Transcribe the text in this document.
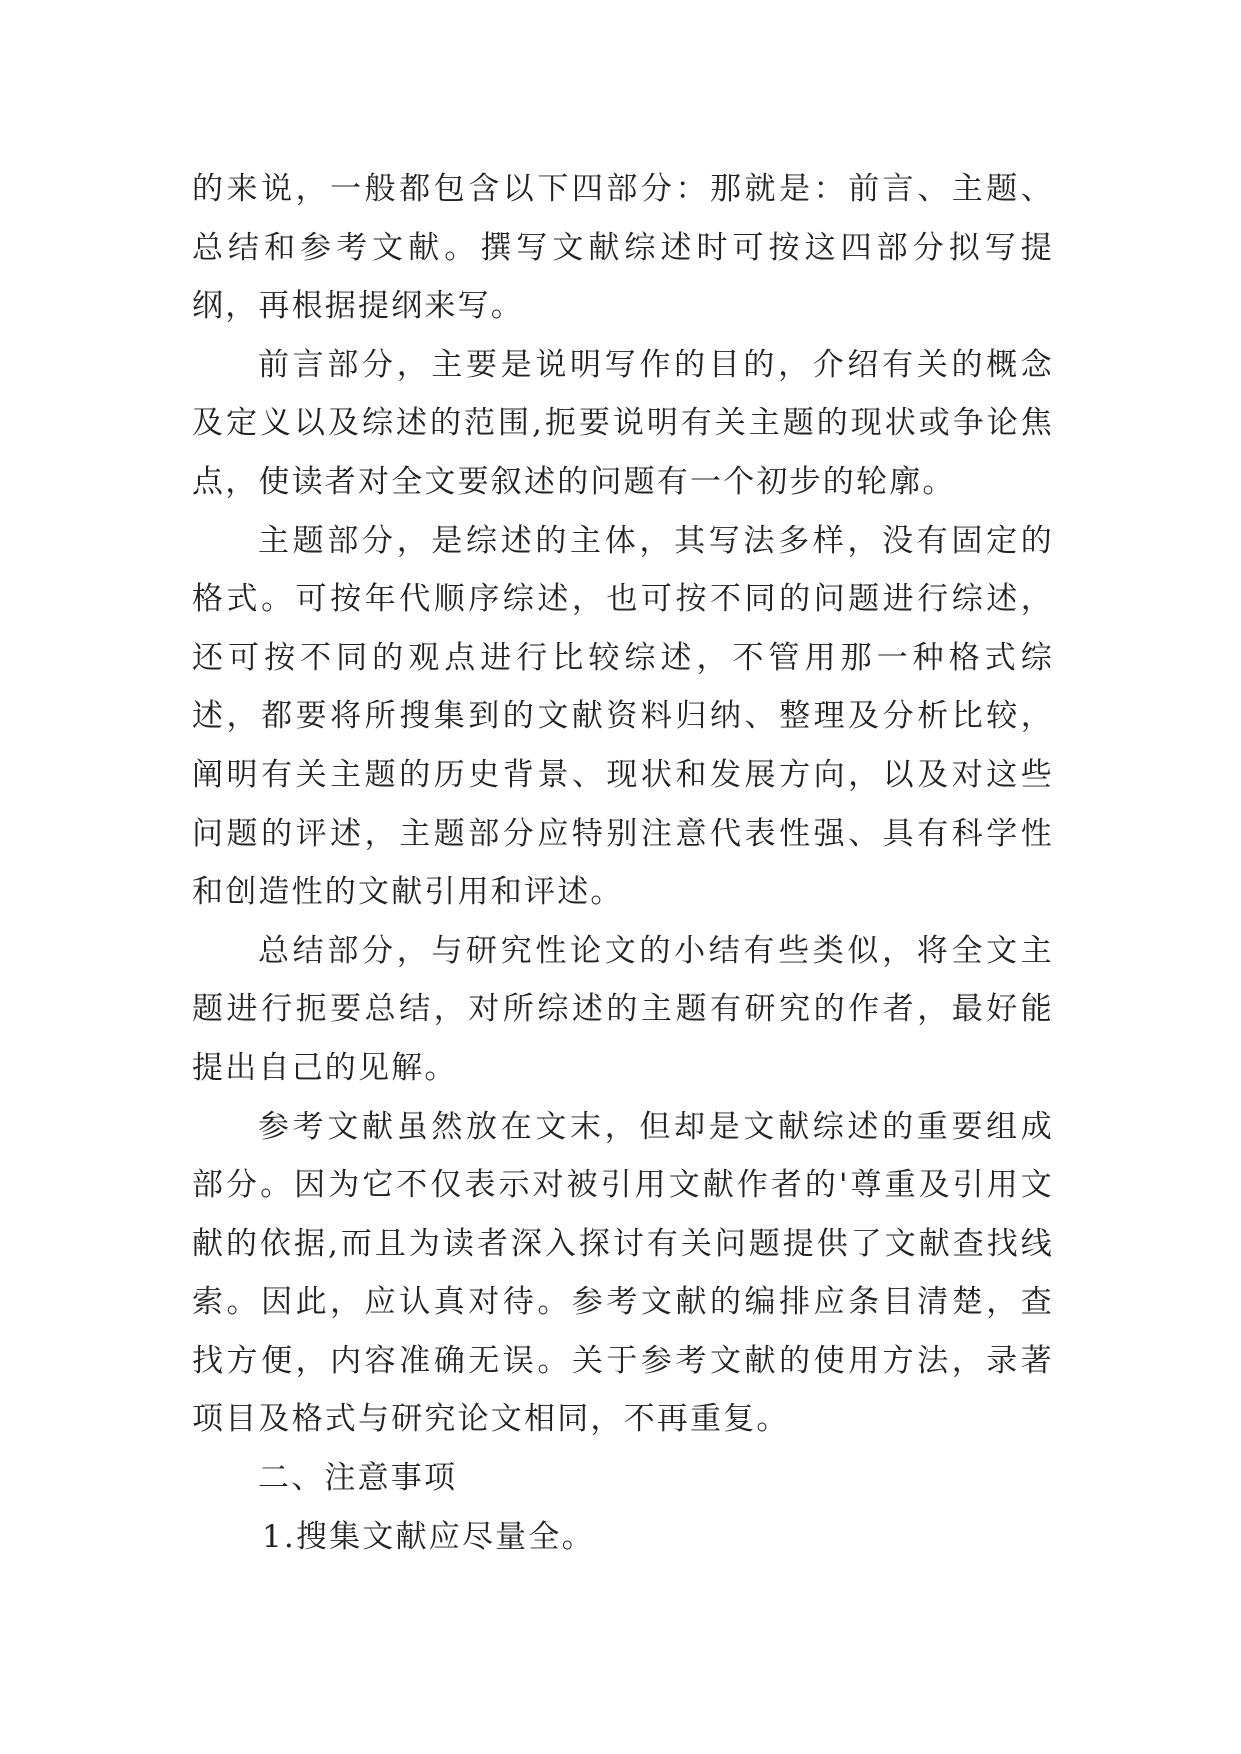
的来说，一般都包含以下四部分：那就是：前言、主题、总结和参考文献。撰写文献综述时可按这四部分拟写提纲，再根据提纲来写。

前言部分，主要是说明写作的目的，介绍有关的概念及定义以及综述的范围,扼要说明有关主题的现状或争论焦点，使读者对全文要叙述的问题有一个初步的轮廓。

主题部分，是综述的主体，其写法多样，没有固定的格式。可按年代顺序综述，也可按不同的问题进行综述，还可按不同的观点进行比较综述，不管用那一种格式综述，都要将所搜集到的文献资料归纳、整理及分析比较，阐明有关主题的历史背景、现状和发展方向，以及对这些问题的评述，主题部分应特别注意代表性强、具有科学性和创造性的文献引用和评述。

总结部分，与研究性论文的小结有些类似，将全文主题进行扼要总结，对所综述的主题有研究的作者，最好能提出自己的见解。

参考文献虽然放在文末，但却是文献综述的重要组成部分。因为它不仅表示对被引用文献作者的'尊重及引用文献的依据,而且为读者深入探讨有关问题提供了文献查找线索。因此，应认真对待。参考文献的编排应条目清楚，查找方便，内容准确无误。关于参考文献的使用方法，录著项目及格式与研究论文相同，不再重复。

二、注意事项

1.搜集文献应尽量全。
